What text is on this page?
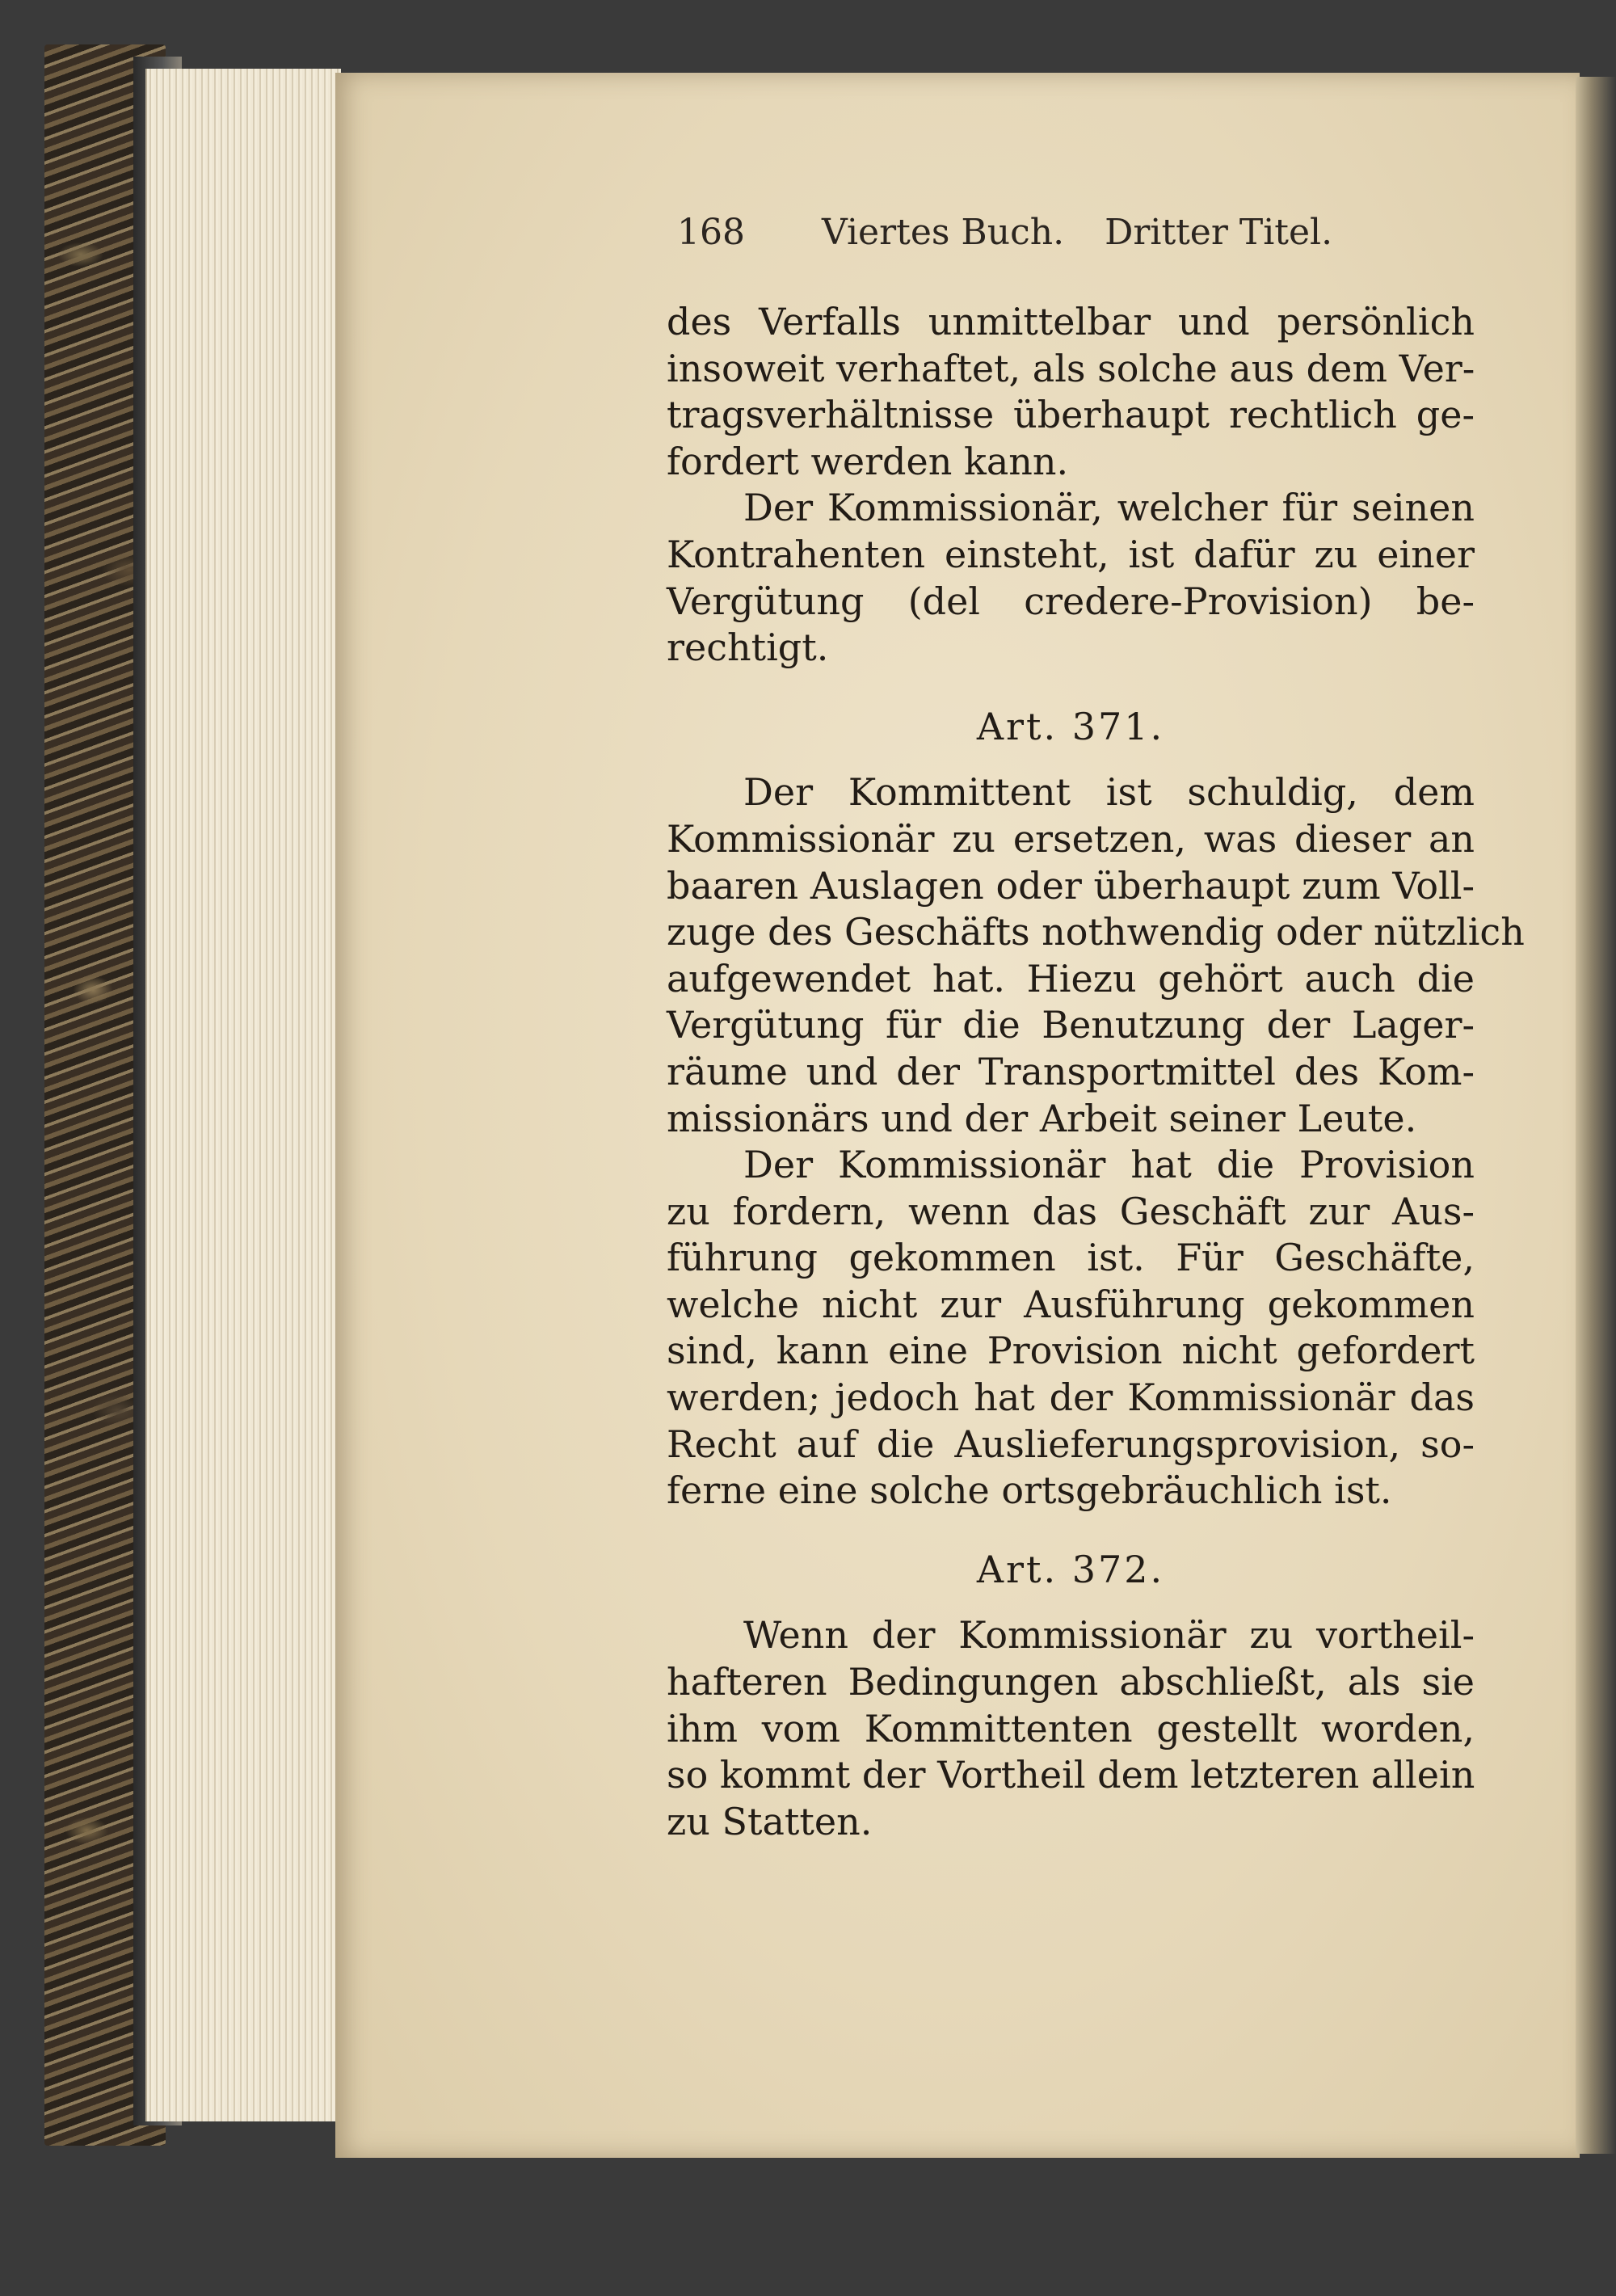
168 Viertes Buch. Dritter Titel.
des Verfalls unmittelbar und persönlich
insoweit verhaftet, als solche aus dem Ver-
tragsverhältnisse überhaupt rechtlich ge-
fordert werden kann.
Der Kommissionär, welcher für seinen
Kontrahenten einsteht, ist dafür zu einer
Vergütung (del credere-Provision) be-
rechtigt.
Art. 371.
Der Kommittent ist schuldig, dem
Kommissionär zu ersetzen, was dieser an
baaren Auslagen oder überhaupt zum Voll-
zuge des Geschäfts nothwendig oder nützlich
aufgewendet hat. Hiezu gehört auch die
Vergütung für die Benutzung der Lager-
räume und der Transportmittel des Kom-
missionärs und der Arbeit seiner Leute.
Der Kommissionär hat die Provision
zu fordern, wenn das Geschäft zur Aus-
führung gekommen ist. Für Geschäfte,
welche nicht zur Ausführung gekommen
sind, kann eine Provision nicht gefordert
werden; jedoch hat der Kommissionär das
Recht auf die Auslieferungsprovision, so-
ferne eine solche ortsgebräuchlich ist.
Art. 372.
Wenn der Kommissionär zu vortheil-
hafteren Bedingungen abschließt, als sie
ihm vom Kommittenten gestellt worden,
so kommt der Vortheil dem letzteren allein
zu Statten.
